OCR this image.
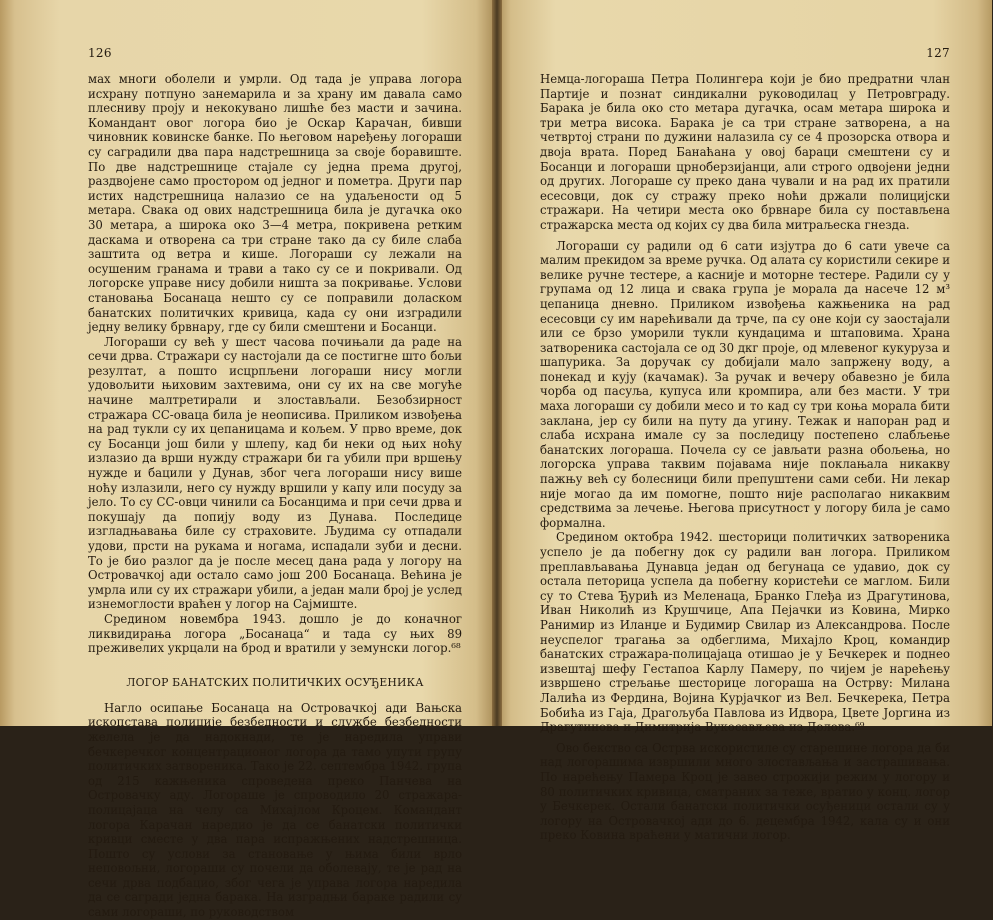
126

мах многи оболели и умрли. Од тада је управа логора исхрану потпуно занемарила и за храну им давала само плесниву проју и некокувано лишће без масти и зачина. Командант овог логора био је Оскар Карачан, бивши чиновник ковинске банке. По његовом наређењу логораши су саградили два пара надстрешница за своје боравиште. По две надстрешнице стајале су једна према другој, раздвојене само простором од једног и пометра. Други пар истих надстрешница налазио се на удаљености од 5 метара. Свака од ових надстрешница била је дугачка око 30 метара, а широка око 3—4 метра, покривена ретким даскама и отворена са три стране тако да су биле слаба заштита од ветра и кише. Логораши су лежали на осушеним гранама и трави а тако су се и покривали. Од логорске управе нису добили ништа за покривање. Услови становања Босанаца нешто су се поправили доласком банатских политичких кривица, када су они изградили једну велику брвнару, где су били смештени и Босанци.

Логораши су већ у шест часова почињали да раде на сечи дрва. Стражари су настојали да се постигне што бољи резултат, а пошто исцрпљени логораши нису могли удовољити њиховим захтевима, они су их на све могуће начине малтретирали и злостављали. Безобзирност стражара СС-оваца била је неописива. Приликом извођења на рад тукли су их цепаницама и кољем. У прво време, док су Босанци још били у шлепу, кад би неки од њих ноћу излазио да врши нужду стражари би га убили при вршењу нужде и бацили у Дунав, због чега логораши нису више ноћу излазили, него су нужду вршили у капу или посуду за јело. То су СС-овци чинили са Босанцима и при сечи дрва и покушају да попију воду из Дунава. Последице изгладњавања биле су страховите. Људима су отпадали удови, прсти на рукама и ногама, испадали зуби и десни. То је био разлог да је после месец дана рада у логору на Островачкој ади остало само још 200 Босанаца. Већина је умрла или су их стражари убили, а један мали број је услед изнемоглости враћен у логор на Сајмиште.

Средином новембра 1943. дошло је до коначног ликвидирања логора „Босанаца“ и тада су њих 89 преживелих укрцали на брод и вратили у земунски логор.⁶⁸

ЛОГОР БАНАТСКИХ ПОЛИТИЧКИХ ОСУЂЕНИКА

Нагло осипање Босанаца на Островачкој ади Вањска ископстава полиције безбедности и службе безбедности желела је да надокнади, те је наредила управи бечкеречког концентрационог логора да тамо упути групу политичких затвореника. Тако је 22. септембра 1942. група од 215 кажњеника спроведена преко Панчева на Островачку аду. Логораше је спроводило 20 стражара-полицајаца на челу са Михајлом Кроцем. Командант логора Карачан наредио је да се банатски политички кривци сместе у два пара испражњених надстрешница. Пошто су услови за становање у њима били врло неповољни, логораши су почели да оболевају, те је рад на сечи дрва подбацио, због чега је управа логора наредила да се сагради једна барака. На изградњи бараке радили су сами логораши, по руководством

127

Немца-логораша Петра Полингера који је био предратни члан Партије и познат синдикални руководилац у Петровграду. Барака је била око сто метара дугачка, осам метара широка и три метра висока. Барака је са три стране затворена, а на четвртој страни по дужини налазила су се 4 прозорска отвора и двоја врата. Поред Банаћана у овој бараци смештени су и Босанци и логораши црноберзијанци, али строго одвојени једни од других. Логораше су преко дана чували и на рад их пратили есесовци, док су стражу преко ноћи држали полицијски стражари. На четири места око брвнаре била су постављена стражарска места од којих су два била митраљеска гнезда.

Логораши су радили од 6 сати изјутра до 6 сати увече са малим прекидом за време ручка. Од алата су користили секире и велике ручне тестере, а касније и моторне тестере. Радили су у групама од 12 лица и свака група је морала да насече 12 м³ цепаница дневно. Приликом извођења кажњеника на рад есесовци су им нарећивали да трче, па су оне који су заостајали или се брзо уморили тукли кундацима и штаповима. Храна затвореника састојала се од 30 дкг проје, од млевеног кукуруза и шапурика. За доручак су добијали мало запржену воду, а понекад и кују (качамак). За ручак и вечеру обавезно је била чорба од пасуља, купуса или кромпира, али без масти. У три маха логораши су добили месо и то кад су три коња морала бити заклана, јер су били на путу да угину. Тежак и напоран рад и слаба исхрана имале су за последицу постепено слабљење банатских логораша. Почела су се јављати разна обољења, но логорска управа таквим појавама није поклањала никакву пажњу већ су болесници били препуштени сами себи. Ни лекар није могао да им помогне, пошто није располагао никаквим средствима за лечење. Његова присутност у логору била је само формална.

Средином октобра 1942. шесторици политичких затвореника успело је да побегну док су радили ван логора. Приликом преплављавања Дунавца један од бегунаца се удавио, док су остала петорица успела да побегну користећи се маглом. Били су то Стева Ђурић из Меленаца, Бранко Глеђа из Драгутинова, Иван Николић из Крушчице, Апа Пејачки из Ковина, Мирко Ранимир из Иланџе и Будимир Свилар из Александрова. После неуспелог трагања за одбеглима, Михајло Кроц, командир банатских стражара-полицајаца отишао је у Бечкерек и поднео извештај шефу Гестапоа Карлу Памеру, по чијем је нарећењу извршено стрељање шесторице логораша на Острву: Милана Лалића из Фердина, Војина Курјачког из Вел. Бечкерека, Петра Бобића из Гаја, Драгољуба Павлова из Идвора, Цвете Јоргина из Драгутинова и Димитрија Вукосављева из Долова.⁶⁹

Ово бекство са Острва искористиле су старешине логора да би над логорашима извршили много злостављања и застрашивања. По нарећењу Памера Кроц је завео строжији режим у логору и 80 политичких кривица, сматраних за теже, вратио у конц. логор у Бечкерек. Остали банатски политички осуђеници остали су у логору на Островачкој ади до 6. децембра 1942, кала су и они преко Ковина враћени у матични логор.
